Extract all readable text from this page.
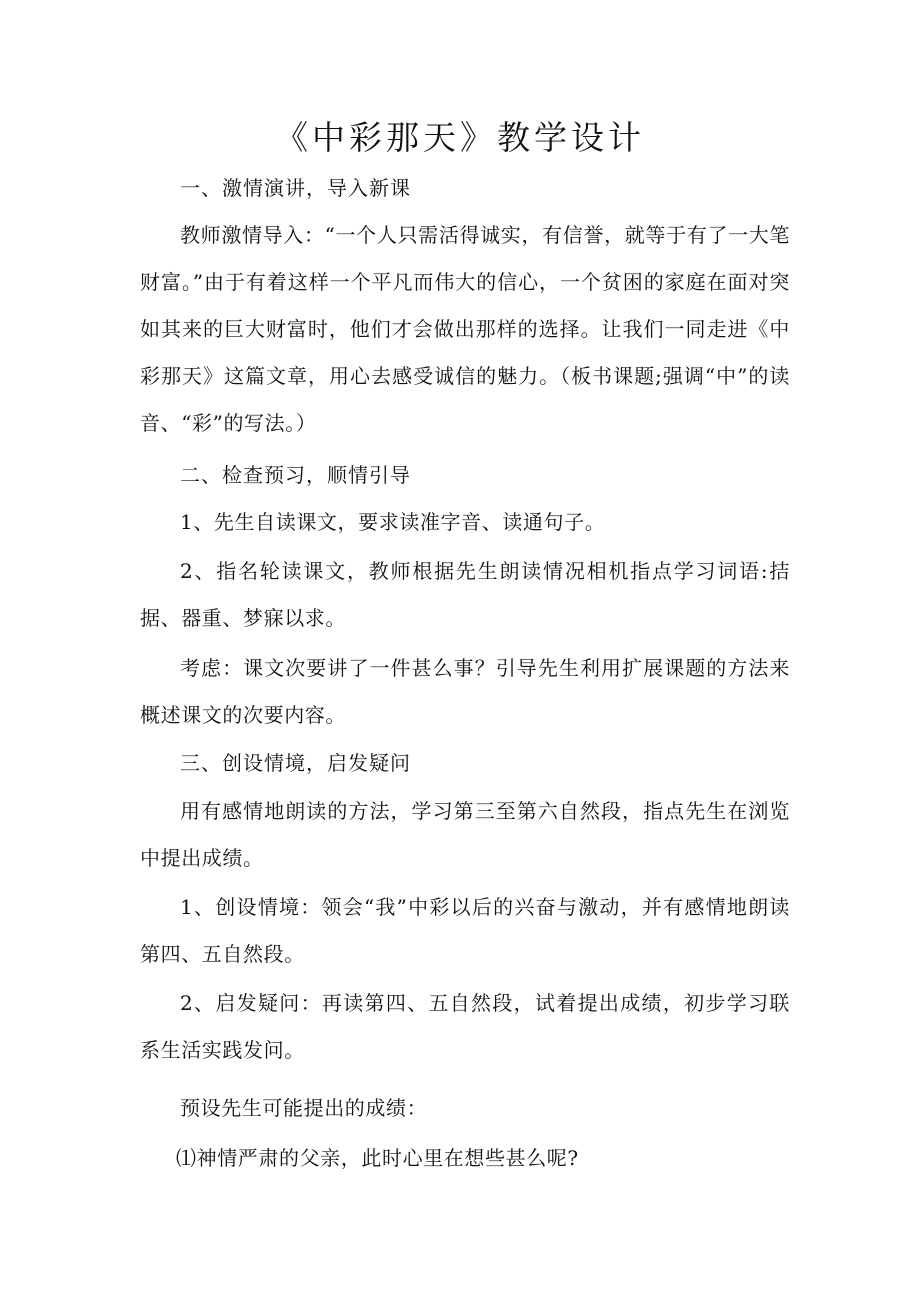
《中彩那天》教学设计
一、激情演讲，导入新课
教师激情导入：“一个人只需活得诚实，有信誉，就等于有了一大笔财富。”由于有着这样一个平凡而伟大的信心，一个贫困的家庭在面对突如其来的巨大财富时，他们才会做出那样的选择。让我们一同走进《中彩那天》这篇文章，用心去感受诚信的魅力。（板书课题;强调“中”的读音、“彩”的写法。）
二、检查预习，顺情引导
1、先生自读课文，要求读准字音、读通句子。
2、指名轮读课文，教师根据先生朗读情况相机指点学习词语:拮据、器重、梦寐以求。
考虑：课文次要讲了一件甚么事？引导先生利用扩展课题的方法来概述课文的次要内容。
三、创设情境，启发疑问
用有感情地朗读的方法，学习第三至第六自然段，指点先生在浏览中提出成绩。
1、创设情境：领会“我”中彩以后的兴奋与激动，并有感情地朗读第四、五自然段。
2、启发疑问：再读第四、五自然段，试着提出成绩，初步学习联系生活实践发问。
预设先生可能提出的成绩：
⑴神情严肃的父亲，此时心里在想些甚么呢?
